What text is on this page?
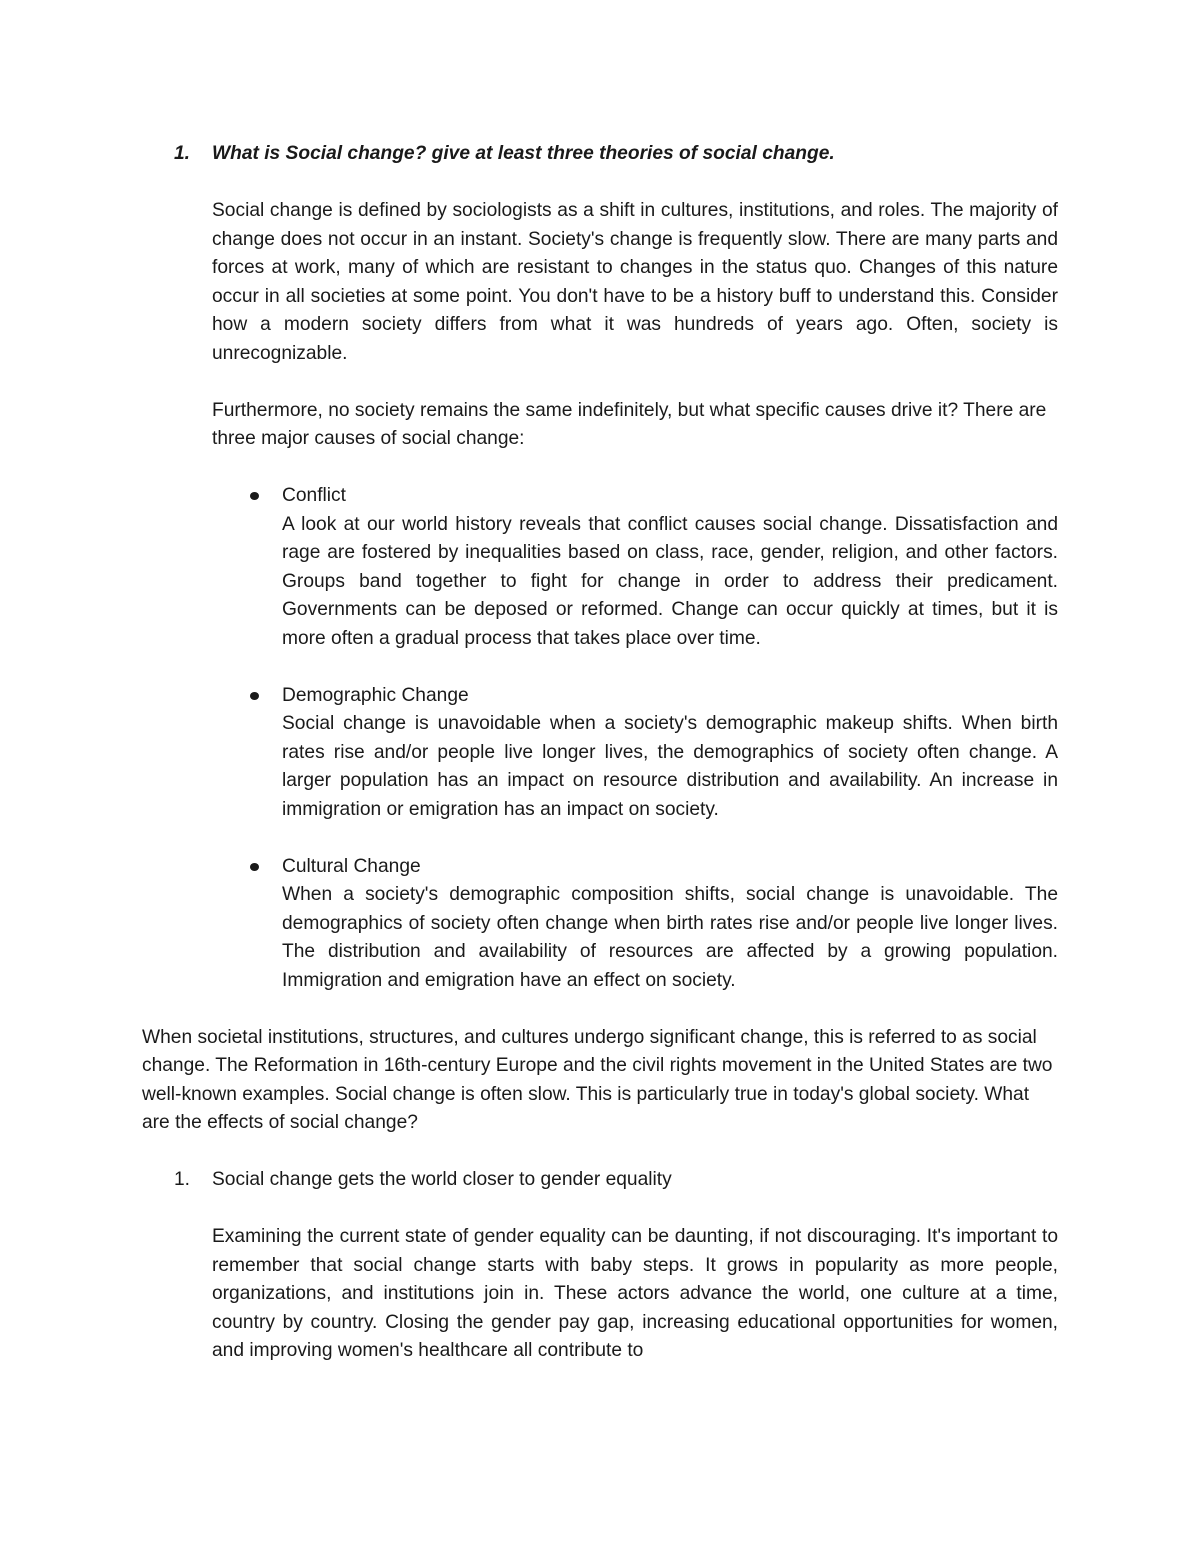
1. What is Social change? give at least three theories of social change.

Social change is defined by sociologists as a shift in cultures, institutions, and roles. The majority of change does not occur in an instant. Society's change is frequently slow. There are many parts and forces at work, many of which are resistant to changes in the status quo. Changes of this nature occur in all societies at some point. You don't have to be a history buff to understand this. Consider how a modern society differs from what it was hundreds of years ago. Often, society is unrecognizable.

Furthermore, no society remains the same indefinitely, but what specific causes drive it? There are three major causes of social change:

Conflict

A look at our world history reveals that conflict causes social change. Dissatisfaction and rage are fostered by inequalities based on class, race, gender, religion, and other factors. Groups band together to fight for change in order to address their predicament. Governments can be deposed or reformed. Change can occur quickly at times, but it is more often a gradual process that takes place over time.

Demographic Change

Social change is unavoidable when a society's demographic makeup shifts. When birth rates rise and/or people live longer lives, the demographics of society often change. A larger population has an impact on resource distribution and availability. An increase in immigration or emigration has an impact on society.

Cultural Change

When a society's demographic composition shifts, social change is unavoidable. The demographics of society often change when birth rates rise and/or people live longer lives. The distribution and availability of resources are affected by a growing population. Immigration and emigration have an effect on society.

When societal institutions, structures, and cultures undergo significant change, this is referred to as social change. The Reformation in 16th-century Europe and the civil rights movement in the United States are two well-known examples. Social change is often slow. This is particularly true in today's global society. What are the effects of social change?

1. Social change gets the world closer to gender equality

Examining the current state of gender equality can be daunting, if not discouraging. It's important to remember that social change starts with baby steps. It grows in popularity as more people, organizations, and institutions join in. These actors advance the world, one culture at a time, country by country. Closing the gender pay gap, increasing educational opportunities for women, and improving women's healthcare all contribute to
